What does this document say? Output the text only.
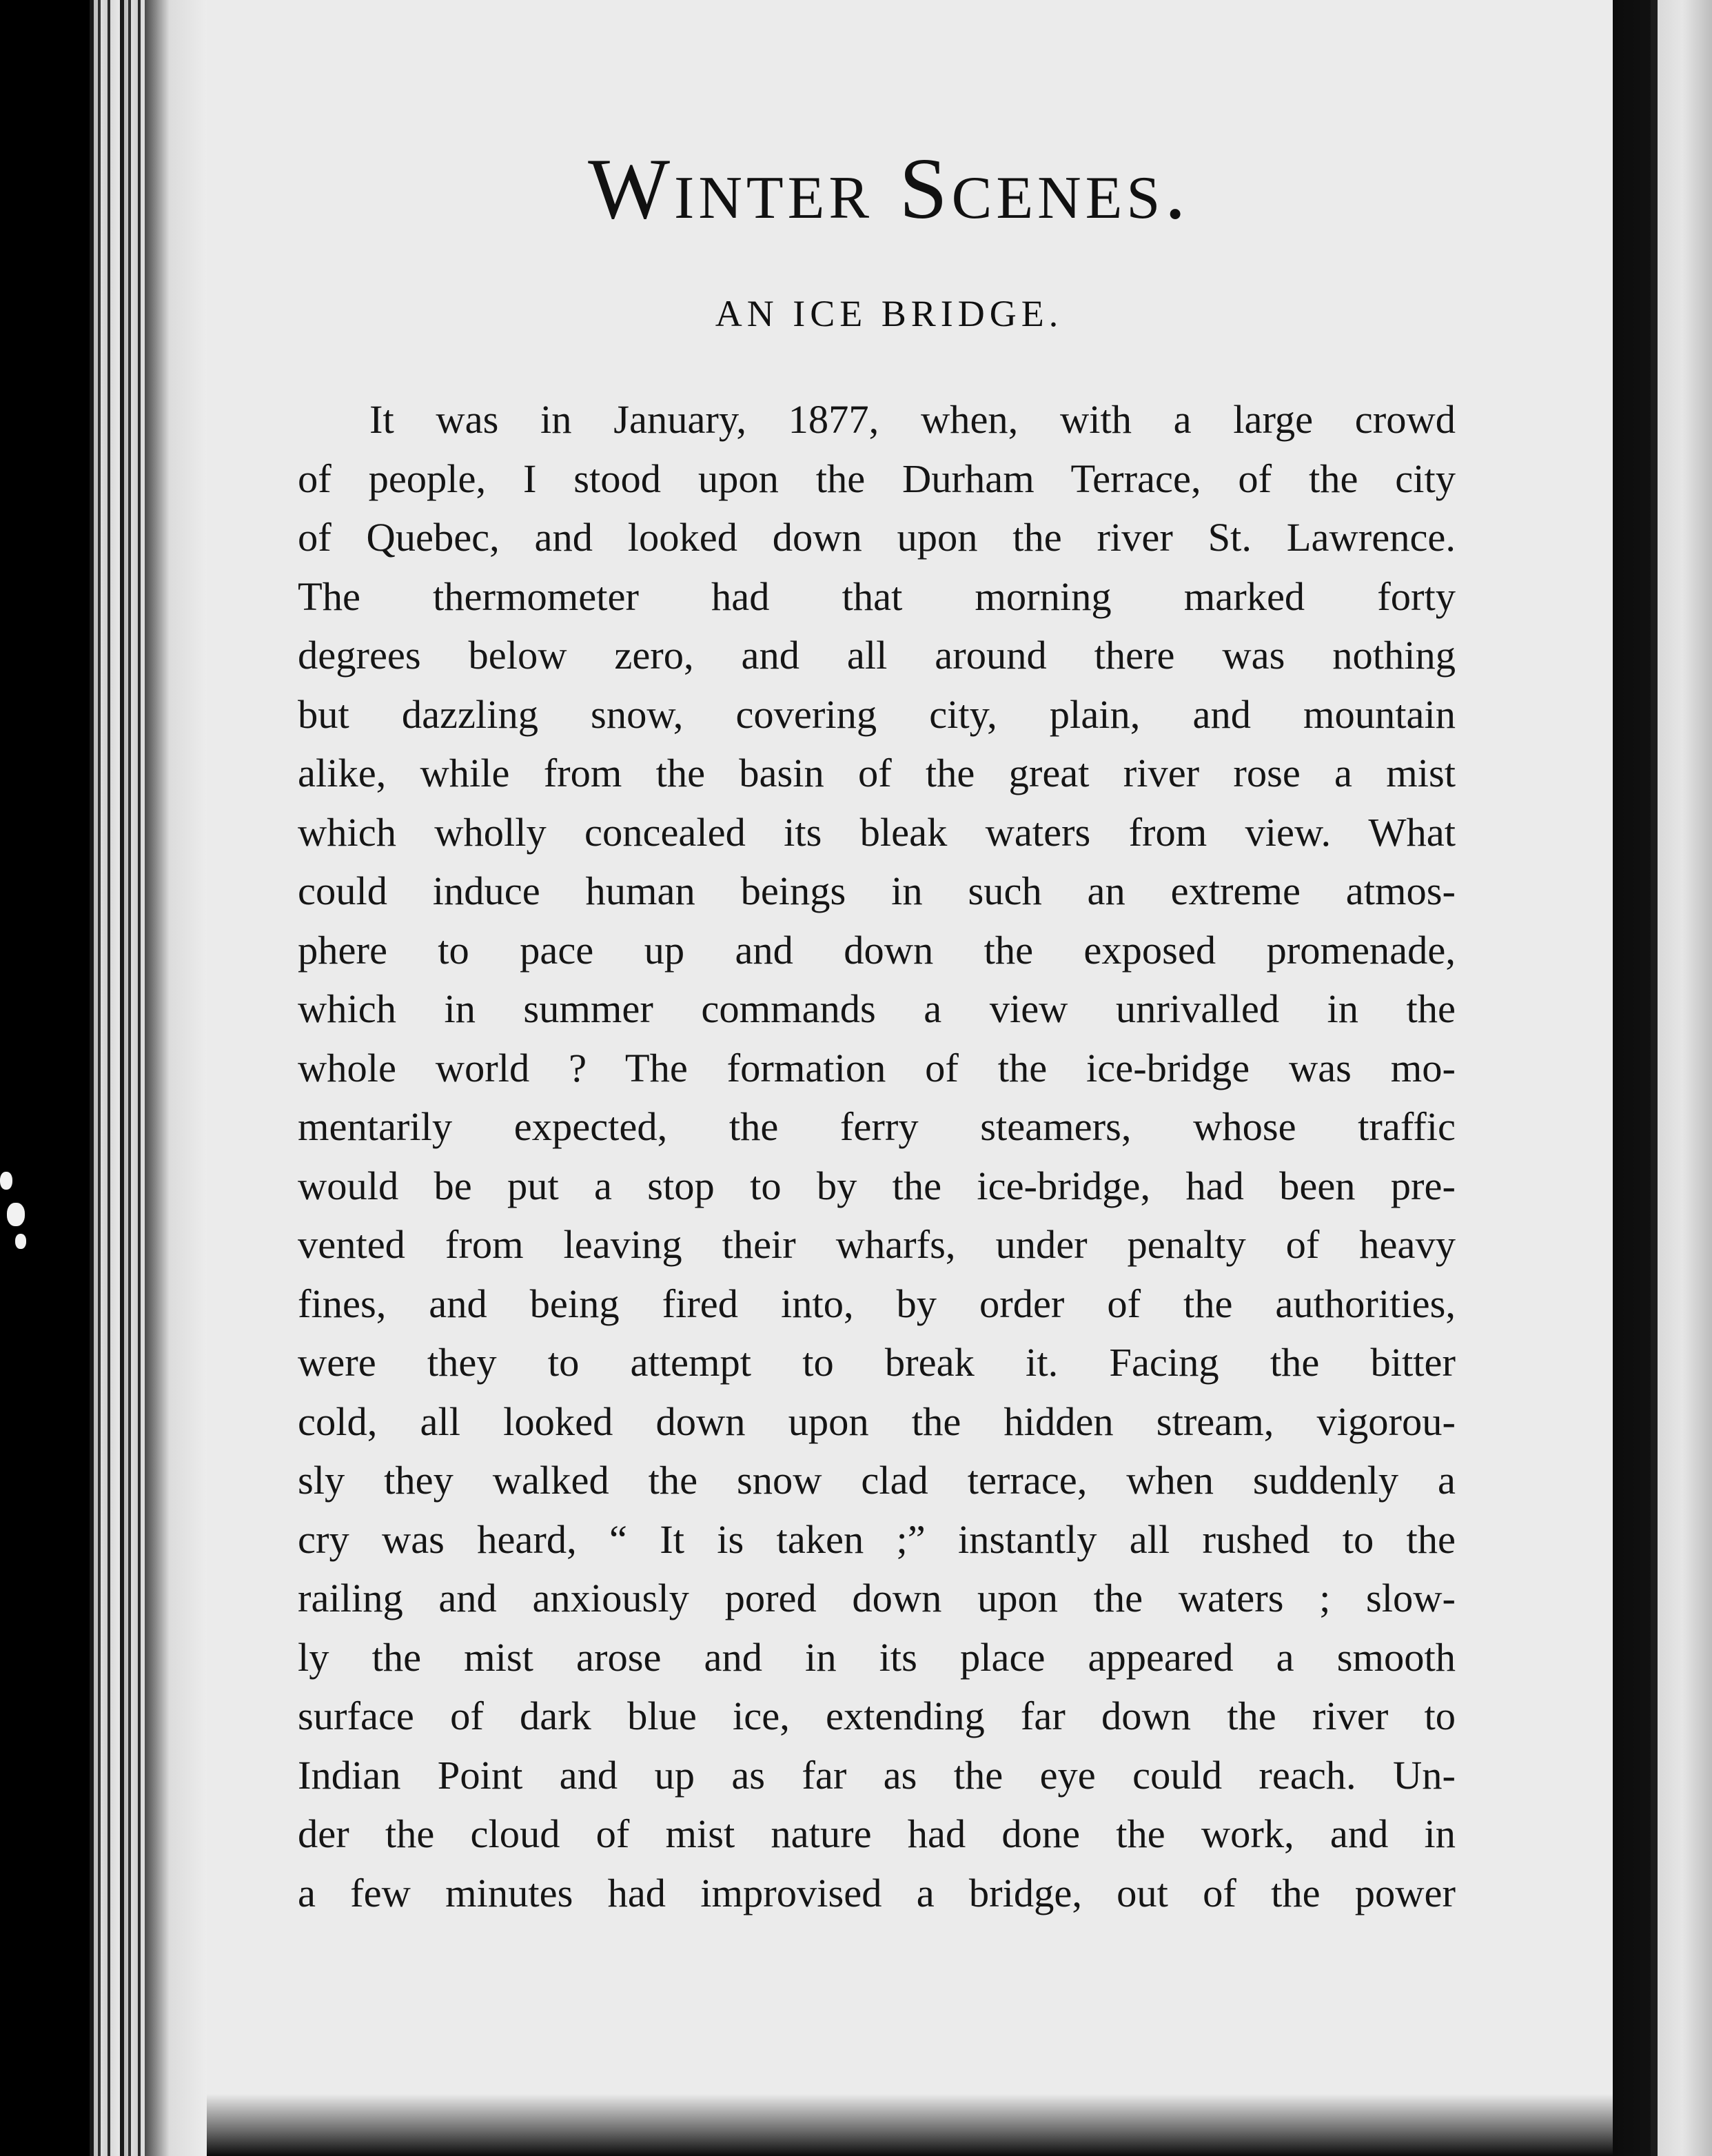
Winter Scenes.
AN ICE BRIDGE.
It was in January, 1877, when, with a large crowd
of people, I stood upon the Durham Terrace, of the city
of Quebec, and looked down upon the river St. Lawrence.
The thermometer had that morning marked forty
degrees below zero, and all around there was nothing
but dazzling snow, covering city, plain, and mountain
alike, while from the basin of the great river rose a mist
which wholly concealed its bleak waters from view. What
could induce human beings in such an extreme atmos-
phere to pace up and down the exposed promenade,
which in summer commands a view unrivalled in the
whole world ? The formation of the ice-bridge was mo-
mentarily expected, the ferry steamers, whose traffic
would be put a stop to by the ice-bridge, had been pre-
vented from leaving their wharfs, under penalty of heavy
fines, and being fired into, by order of the authorities,
were they to attempt to break it. Facing the bitter
cold, all looked down upon the hidden stream, vigorou-
sly they walked the snow clad terrace, when suddenly a
cry was heard, “ It is taken ;” instantly all rushed to the
railing and anxiously pored down upon the waters ; slow-
ly the mist arose and in its place appeared a smooth
surface of dark blue ice, extending far down the river to
Indian Point and up as far as the eye could reach. Un-
der the cloud of mist nature had done the work, and in
a few minutes had improvised a bridge, out of the power
